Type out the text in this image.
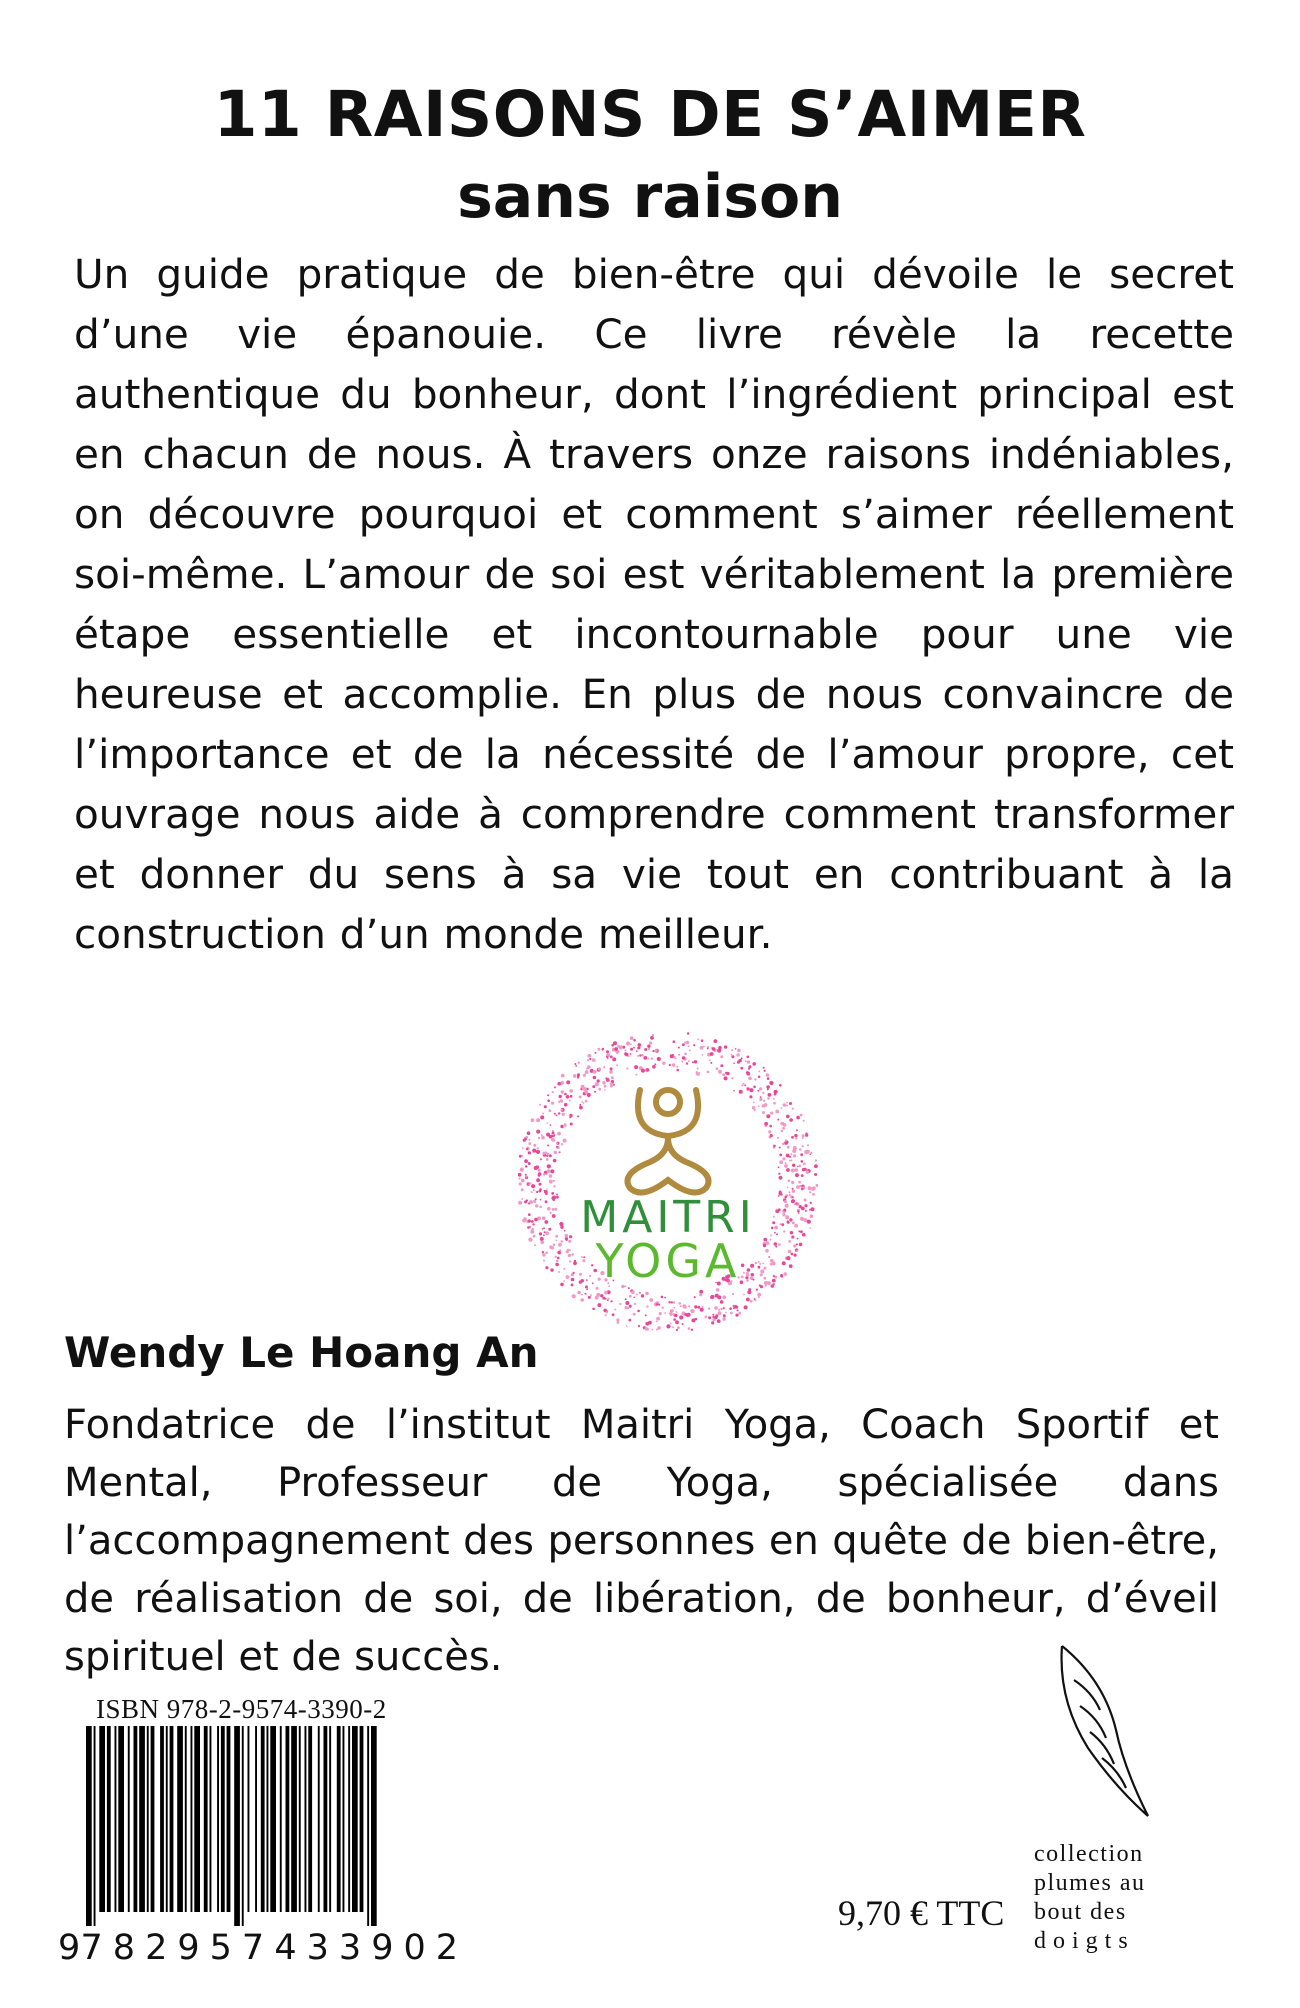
11 RAISONS DE S’AIMER
sans raison

Un guide pratique de bien-être qui dévoile le secret d’une vie épanouie. Ce livre révèle la recette authentique du bonheur, dont l’ingrédient principal est en chacun de nous. À travers onze raisons indéniables, on découvre pourquoi et comment s’aimer réellement soi-même. L’amour de soi est véritablement la première étape essentielle et incontournable pour une vie heureuse et accomplie. En plus de nous convaincre de l’importance et de la nécessité de l’amour propre, cet ouvrage nous aide à comprendre comment transformer et donner du sens à sa vie tout en contribuant à la construction d’un monde meilleur.

MAITRI
YOGA

Wendy Le Hoang An

Fondatrice de l’institut Maitri Yoga, Coach Sportif et Mental, Professeur de Yoga, spécialisée dans l’accompagnement des personnes en quête de bien-être, de réalisation de soi, de libération, de bonheur, d’éveil spirituel et de succès.

ISBN 978-2-9574-3390-2

9 782957 433902

9,70 € TTC

collection
plumes au
bout des
doigts
